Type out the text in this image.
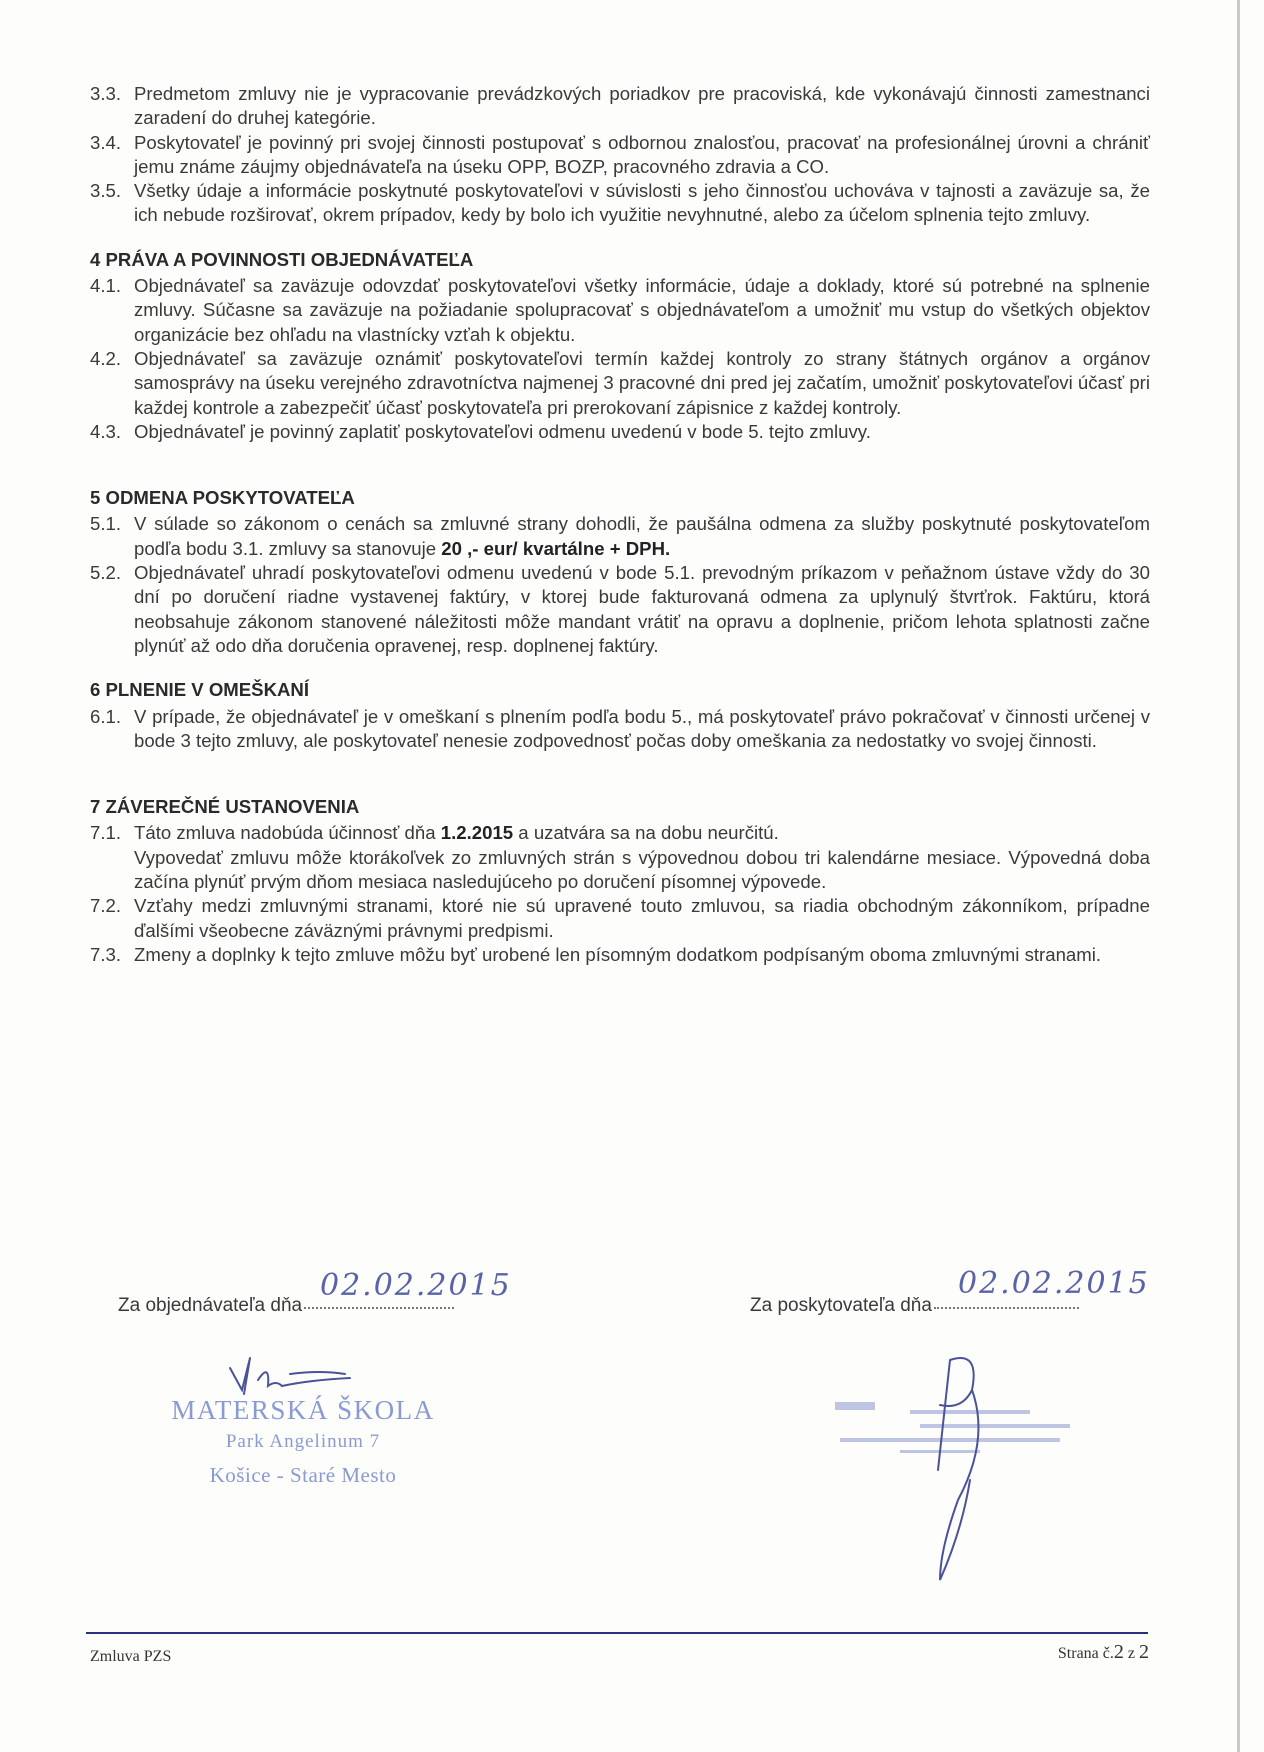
3.3. Predmetom zmluvy nie je vypracovanie prevádzkových poriadkov pre pracoviská, kde vykonávajú činnosti zamestnanci zaradení do druhej kategórie.
3.4. Poskytovateľ je povinný pri svojej činnosti postupovať s odbornou znalosťou, pracovať na profesionálnej úrovni a chrániť jemu známe záujmy objednávateľa na úseku OPP, BOZP, pracovného zdravia a CO.
3.5. Všetky údaje a informácie poskytnuté poskytovateľovi v súvislosti s jeho činnosťou uchováva v tajnosti a zaväzuje sa, že ich nebude rozširovať, okrem prípadov, kedy by bolo ich využitie nevyhnutné, alebo za účelom splnenia tejto zmluvy.
4 PRÁVA A POVINNOSTI OBJEDNÁVATEĽA
4.1. Objednávateľ sa zaväzuje odovzdať poskytovateľovi všetky informácie, údaje a doklady, ktoré sú potrebné na splnenie zmluvy. Súčasne sa zaväzuje na požiadanie spolupracovať s objednávateľom a umožniť mu vstup do všetkých objektov organizácie bez ohľadu na vlastnícky vzťah k objektu.
4.2. Objednávateľ sa zaväzuje oznámiť poskytovateľovi termín každej kontroly zo strany štátnych orgánov a orgánov samosprávy na úseku verejného zdravotníctva najmenej 3 pracovné dni pred jej začatím, umožniť poskytovateľovi účasť pri každej kontrole a zabezpečiť účasť poskytovateľa pri prerokovaní zápisnice z každej kontroly.
4.3. Objednávateľ je povinný zaplatiť poskytovateľovi odmenu uvedenú v bode 5. tejto zmluvy.
5 ODMENA POSKYTOVATEĽA
5.1. V súlade so zákonom o cenách sa zmluvné strany dohodli, že paušálna odmena za služby poskytnuté poskytovateľom podľa bodu 3.1. zmluvy sa stanovuje 20 ,- eur/ kvartálne + DPH.
5.2. Objednávateľ uhradí poskytovateľovi odmenu uvedenú v bode 5.1. prevodným príkazom v peňažnom ústave vždy do 30 dní po doručení riadne vystavenej faktúry, v ktorej bude fakturovaná odmena za uplynulý štvrťrok. Faktúru, ktorá neobsahuje zákonom stanovené náležitosti môže mandant vrátiť na opravu a doplnenie, pričom lehota splatnosti začne plynúť až odo dňa doručenia opravenej, resp. doplnenej faktúry.
6 PLNENIE V OMEŠKANÍ
6.1. V prípade, že objednávateľ je v omeškaní s plnením podľa bodu 5., má poskytovateľ právo pokračovať v činnosti určenej v bode 3 tejto zmluvy, ale poskytovateľ nenesie zodpovednosť počas doby omeškania za nedostatky vo svojej činnosti.
7 ZÁVEREČNÉ USTANOVENIA
7.1. Táto zmluva nadobúda účinnosť dňa 1.2.2015 a uzatvára sa na dobu neurčitú.
Vypovedať zmluvu môže ktorákoľvek zo zmluvných strán s výpovednou dobou tri kalendárne mesiace. Výpovedná doba začína plynúť prvým dňom mesiaca nasledujúceho po doručení písomnej výpovede.
7.2. Vzťahy medzi zmluvnými stranami, ktoré nie sú upravené touto zmluvou, sa riadia obchodným zákonníkom, prípadne ďalšími všeobecne záväznými právnymi predpismi.
7.3. Zmeny a doplnky k tejto zmluve môžu byť urobené len písomným dodatkom podpísaným oboma zmluvnými stranami.
Za objednávateľa dňa
02.02.2015
Za poskytovateľa dňa
02.02.2015
MATERSKÁ ŠKOLA
Park Angelinum 7
Košice - Staré Mesto
Zmluva PZS	Strana č.2 z 2
